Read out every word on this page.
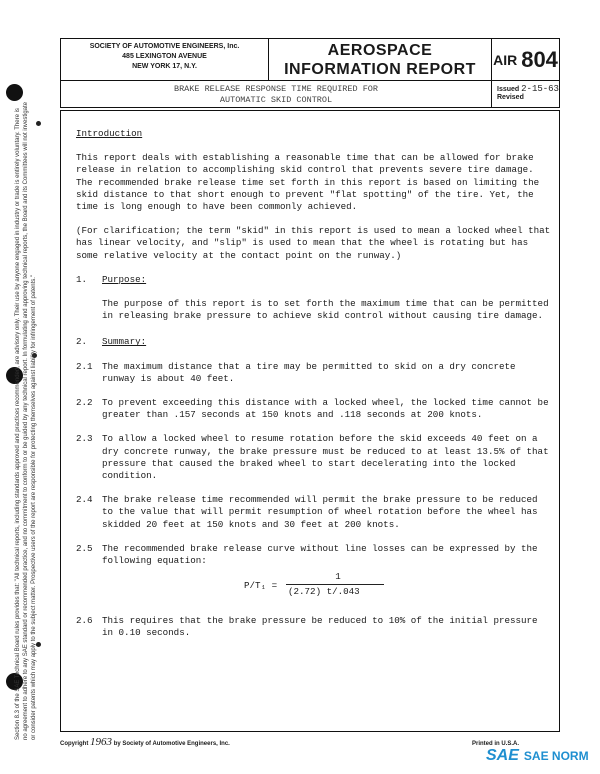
Section 8.3 of the SAE Technical Board rules provides that: "All technical reports, including standards approved and practices recommended, are advisory only. Their use by anyone engaged in industry or trade is entirely voluntary. There is no agreement to adhere to any SAE standard or recommended practice, and no commitment to conform to or be guided by any technical report. In formulating and approving technical reports, the Board and its Committees will not investigate or consider patents which may apply to the subject matter. Prospective users of the report are responsible for protecting themselves against liability for infringement of patents."
SOCIETY OF AUTOMOTIVE ENGINEERS, Inc.
485 LEXINGTON AVENUE
NEW YORK 17, N.Y.
AEROSPACE
INFORMATION REPORT
AIR 804
BRAKE RELEASE RESPONSE TIME REQUIRED FOR
AUTOMATIC SKID CONTROL
Issued 2-15-63
Revised

Introduction

This report deals with establishing a reasonable time that can be allowed for brake release in relation to accomplishing skid control that prevents severe tire damage. The recommended brake release time set forth in this report is based on limiting the skid distance to that short enough to prevent "flat spotting" of the tire. Yet, the time is long enough to have been commonly achieved.

(For clarification; the term "skid" in this report is used to mean a locked wheel that has linear velocity, and "slip" is used to mean that the wheel is rotating but has some relative velocity at the contact point on the runway.)

1.	Purpose:

The purpose of this report is to set forth the maximum time that can be permitted in releasing brake pressure to achieve skid control without causing tire damage.

2.	Summary:
2.1	The maximum distance that a tire may be permitted to skid on a dry concrete runway is about 40 feet.
2.2	To prevent exceeding this distance with a locked wheel, the locked time cannot be greater than .157 seconds at 150 knots and .118 seconds at 200 knots.
2.3	To allow a locked wheel to resume rotation before the skid exceeds 40 feet on a dry concrete runway, the brake pressure must be reduced to at least 13.5% of that pressure that caused the braked wheel to start decelerating into the locked condition.
2.4	The brake release time recommended will permit the brake pressure to be reduced to the value that will permit resumption of wheel rotation before the wheel has skidded 20 feet at 150 knots and 30 feet at 200 knots.
2.5	The recommended brake release curve without line losses can be expressed by the following equation:
P/T₁ =
1
(2.72) t/.043
2.6	This requires that the brake pressure be reduced to 10% of the initial pressure in 0.10 seconds.
Copyright 1963 by Society of Automotive Engineers, Inc.	Printed in U.S.A.
SAE SAE NORM
